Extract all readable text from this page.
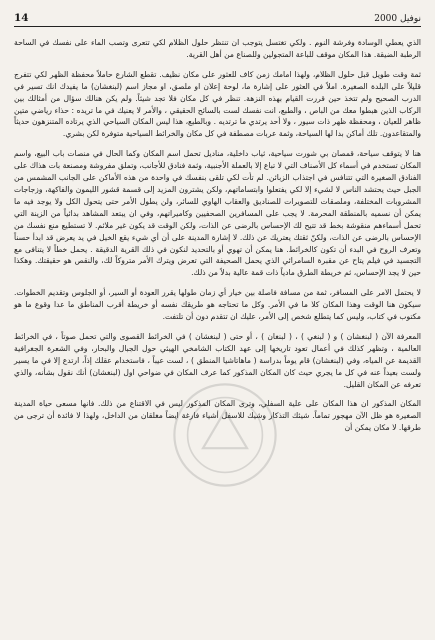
14	نوفيل 2000

الذي يعطي الوسادة وفرشة النوم . ولكي تغتسل يتوجب ان تنتظر حلول الظلام لكي تتعرى وتصب الماء على نفسك في الساحة الرطبة الضيقة. هذا المكان موقف للباعة المتجولين وللصناع من أهل القرية.

ثمة وقت طويل قبل حلول الظلام، ولهذا امامك زمن كاف للعثور على مكان نظيف. تقطع الشارع حاملاً محفظة الظهر لكي تتفرج قليلاً على البلدة الصغيرة. املاً في العثور على إشارة ما، لوحة إعلان او ملصق، او مجاز اسم (لبنغشان) ما يفيدك انك تسير في الدرب الصحيح ولم تتخذ حين قررت القيام بهذه النزهة. تنظر في كل مكان فلا تجد شيئاً. ولم يكن هنالك سؤال من أمثالك بين الركاب الذين هبطوا معك من الباص ، والطبع، انت نفسك لست بالسائح الحقيقي ، والأمر لا يعنيك في ما تريده : حذاء رياضي متين ظاهر للعيان ، ومحفظة ظهر ذات سيور ، ولا أحد يرتدي ما ترتديه . وبالطبع، هذا ليس المكان السياحي الذي يرتاده المتنزهون حديثاً والمتقاعدون. تلك أماكن بدا لها السياحة، وثمة عربات مصطفة في كل مكان والخرائط السياحية متوفرة لكن بشري.

هنا لا يتوقف سياحة، قمصان بي شورت سياحية، ثياب داخلية، مناديل تحمل اسم المكان وكما الحال في منصات باب البيع، واسم المكان تستخدم في أسماء كل الأصناف التي لا تباع إلا بالعملة الأجنبية، وثمة فنادق للأجانب، وتملق مفروشة ومصنعة بات هذاك على الفنادق الصغيرة التي تتنافس في اجتذاب الزبائن. لم تأت لكي تلقى بنفسك في واحدة من هذه الأماكن على الجانب المشمس من الجبل حيث يحتشد الناس لا لشيء إلا لكي يفتعلوا وابتساماتهم، ولكن يشترون المزيد إلى قسمة قشور الليمون والفاكهة، وزجاجات المشروبات المختلفة، وملصقات للتصويرات للصناديق والعقاب الهاوي للسائر، ولن يطول الأمر حتى يتحول الكل ولا يوجد فيه ما يمكن أن نسميه بالمنطقة المحرمة. لا يجب على المسافرين الصحفيين وكاميراتهم، وفي ان يبتعد المشاهد بدائياً من الزينة التي تحمل أسماءهم منقوشة بخط قد تتيح لك الإحساس بالرضى عن الذات، ولكن الوقت قد يكون غير ملائم. لا تستطيع منع نفسك من الإحساس بالرضى عن الذات، ولكنّ ثقتك يعتريك عن ذلك. لا إشارة المدينة على أن أي شيء يقع الخيل في يد يعرض قد ابدأ حسناً وتعرف الروح في البدء أن تكون كالخرائط. هنا يمكن أن تهوي أو بالتحديد لنكون في ذلك القرية الدقيقة . يحمل خطاً لا يتنافى مع التجسيد في فيلم يتاح عن مقبرة السامرائي الذي يحمل الصحيفة التي تعرض ويترك الأمر متروكاً لك، والنقص هو حقيقتك. وهكذا حين لا يجد الإحساس، ثم خريطة الطرق مادياً ذات قمة عالية بدلاً من ذلك.

لا يحتمل الامر على المسافر، ثمة من مسافة فاصلة بين خيار أي زمان طولها يقرر العودة أو السير، أو الجلوس وتقديم الخطوات. سيكون هنا الوقت وهذا المكان كلا ما في الأمر. وكل ما تحتاجه هو طريقك نفسه أو خريطة أقرب المناطق ما عدا وقوع ما هو مكتوب في كتاب، وليس كما يتطلع شخص إلى الأمر، عليك ان تتقدم دون أن تلتفت.

المعرفة الآن ( لبنغشان ) و ( لبنغي ) ، ( لبنغان ) ، أو حتى ( لبنغشان ) في الخرائط القصوى والتي تحمل صوتاً ، في الخرائط العالمية ، وتظهر كذلك في أعمال تعود تاريخها إلى عهد الكتاب الشامخي الهيئي حول الجبال والبحار، وفي الشعرة الجغرافية القديمة عن المياه، وفي (لبنغشان) قام يوماً بدراسة ( ماهاتاشيا المنطق ) ، لست عيباً ، فاستخدام عقلك إذاً، ارتدع إلا في ما يسير ولست بعيداً عنه في كل ما يجري حيث كان المكان المذكور كما عرف المكان في ضواحي اول (لبنغشان) أنك نقول بشأنه، والذي تعرفه عن المكان القليل.

المكان المذكور ان هذا المكان على علية السفلي، وترى المكان المذكور ليس في الاقتناع من ذلك. فانها مسعى حياة المدينة الصغيرة هو ظل الآن مهجور تماماً. شيئك التذكار وشيك للاسفل أشياء فارغة ايضاً مغلقان من الداخل، ولهذا لا فائدة أن ترجى من طرقها. لا مكان يمكن أن
